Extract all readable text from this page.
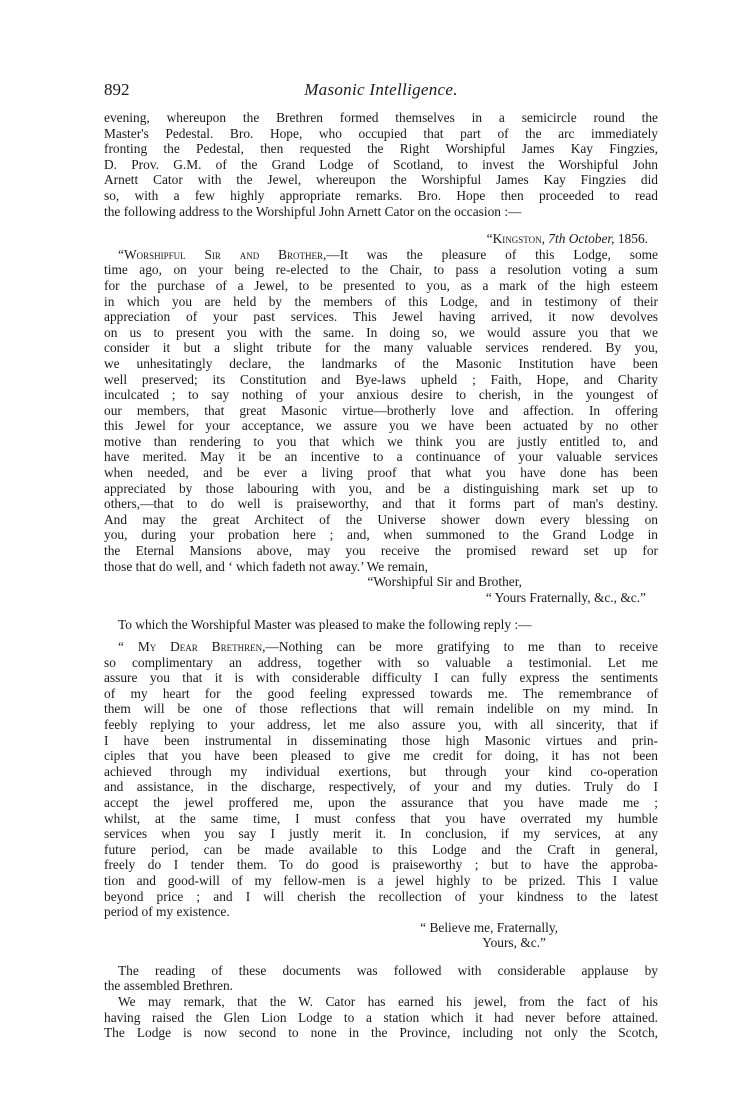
892	Masonic Intelligence.
evening, whereupon the Brethren formed themselves in a semicircle round the
Master's Pedestal. Bro. Hope, who occupied that part of the arc immediately
fronting the Pedestal, then requested the Right Worshipful James Kay Fingzies,
D. Prov. G.M. of the Grand Lodge of Scotland, to invest the Worshipful John
Arnett Cator with the Jewel, whereupon the Worshipful James Kay Fingzies did
so, with a few highly appropriate remarks. Bro. Hope then proceeded to read
the following address to the Worshipful John Arnett Cator on the occasion :—
“Kingston, 7th October, 1856.
“Worshipful Sir and Brother,—It was the pleasure of this Lodge, some
time ago, on your being re-elected to the Chair, to pass a resolution voting a sum
for the purchase of a Jewel, to be presented to you, as a mark of the high esteem
in which you are held by the members of this Lodge, and in testimony of their
appreciation of your past services. This Jewel having arrived, it now devolves
on us to present you with the same. In doing so, we would assure you that we
consider it but a slight tribute for the many valuable services rendered. By you,
we unhesitatingly declare, the landmarks of the Masonic Institution have been
well preserved; its Constitution and Bye-laws upheld ; Faith, Hope, and Charity
inculcated ; to say nothing of your anxious desire to cherish, in the youngest of
our members, that great Masonic virtue—brotherly love and affection. In offering
this Jewel for your acceptance, we assure you we have been actuated by no other
motive than rendering to you that which we think you are justly entitled to, and
have merited. May it be an incentive to a continuance of your valuable services
when needed, and be ever a living proof that what you have done has been
appreciated by those labouring with you, and be a distinguishing mark set up to
others,—that to do well is praiseworthy, and that it forms part of man's destiny.
And may the great Architect of the Universe shower down every blessing on
you, during your probation here ; and, when summoned to the Grand Lodge in
the Eternal Mansions above, may you receive the promised reward set up for
those that do well, and ‘ which fadeth not away.’ We remain,
“Worshipful Sir and Brother,
“ Yours Fraternally, &c., &c.”
To which the Worshipful Master was pleased to make the following reply :—
“ My Dear Brethren,—Nothing can be more gratifying to me than to receive
so complimentary an address, together with so valuable a testimonial. Let me
assure you that it is with considerable difficulty I can fully express the sentiments
of my heart for the good feeling expressed towards me. The remembrance of
them will be one of those reflections that will remain indelible on my mind. In
feebly replying to your address, let me also assure you, with all sincerity, that if
I have been instrumental in disseminating those high Masonic virtues and prin-
ciples that you have been pleased to give me credit for doing, it has not been
achieved through my individual exertions, but through your kind co-operation
and assistance, in the discharge, respectively, of your and my duties. Truly do I
accept the jewel proffered me, upon the assurance that you have made me ;
whilst, at the same time, I must confess that you have overrated my humble
services when you say I justly merit it. In conclusion, if my services, at any
future period, can be made available to this Lodge and the Craft in general,
freely do I tender them. To do good is praiseworthy ; but to have the approba-
tion and good-will of my fellow-men is a jewel highly to be prized. This I value
beyond price ; and I will cherish the recollection of your kindness to the latest
period of my existence.
“ Believe me, Fraternally,
Yours, &c.”
The reading of these documents was followed with considerable applause by
the assembled Brethren.
We may remark, that the W. Cator has earned his jewel, from the fact of his
having raised the Glen Lion Lodge to a station which it had never before attained.
The Lodge is now second to none in the Province, including not only the Scotch,
